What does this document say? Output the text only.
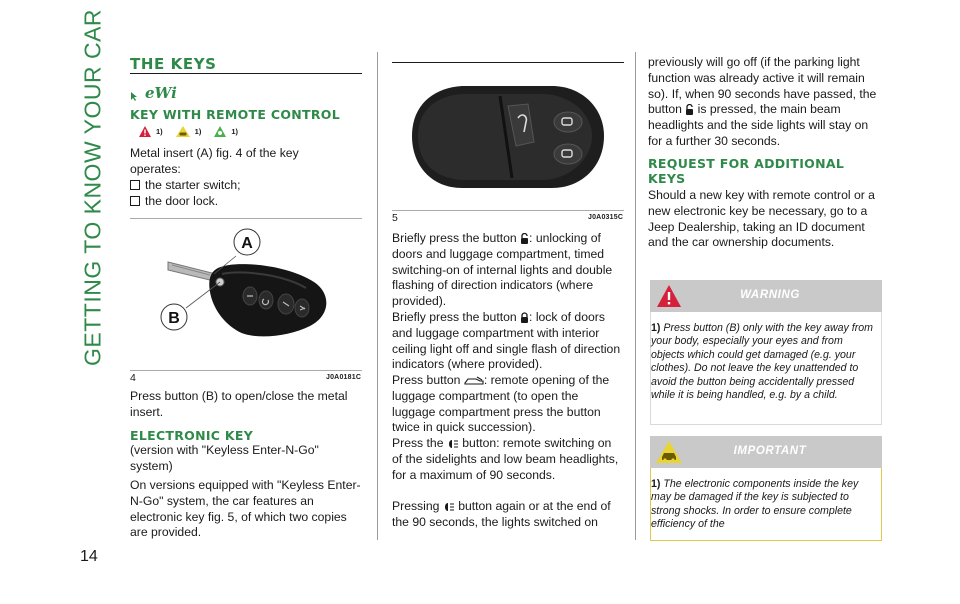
GETTING TO KNOW YOUR CAR
14
THE KEYS
eWi
KEY WITH REMOTE CONTROL
1)	1)	1)
Metal insert (A) fig. 4 of the key operates:
the starter switch;
the door lock.
A
B
4	J0A0181C
Press button (B) to open/close the metal insert.
ELECTRONIC KEY
(version with "Keyless Enter-N-Go" system)
On versions equipped with "Keyless Enter-N-Go" system, the car features an electronic key fig. 5, of which two copies are provided.
5	J0A0315C
Briefly press the button : unlocking of doors and luggage compartment, timed switching-on of internal lights and double flashing of direction indicators (where provided).
Briefly press the button : lock of doors and luggage compartment with interior ceiling light off and single flash of direction indicators (where provided).
Press button : remote opening of the luggage compartment (to open the luggage compartment press the button twice in quick succession).
Press the button: remote switching on of the sidelights and low beam headlights, for a maximum of 90 seconds.
Pressing button again or at the end of the 90 seconds, the lights switched on
previously will go off (if the parking light function was already active it will remain so). If, when 90 seconds have passed, the button is pressed, the main beam headlights and the side lights will stay on for a further 30 seconds.
REQUEST FOR ADDITIONAL KEYS
Should a new key with remote control or a new electronic key be necessary, go to a Jeep Dealership, taking an ID document and the car ownership documents.
WARNING
1) Press button (B) only with the key away from your body, especially your eyes and from objects which could get damaged (e.g. your clothes). Do not leave the key unattended to avoid the button being accidentally pressed while it is being handled, e.g. by a child.
IMPORTANT
1) The electronic components inside the key may be damaged if the key is subjected to strong shocks. In order to ensure complete efficiency of the
